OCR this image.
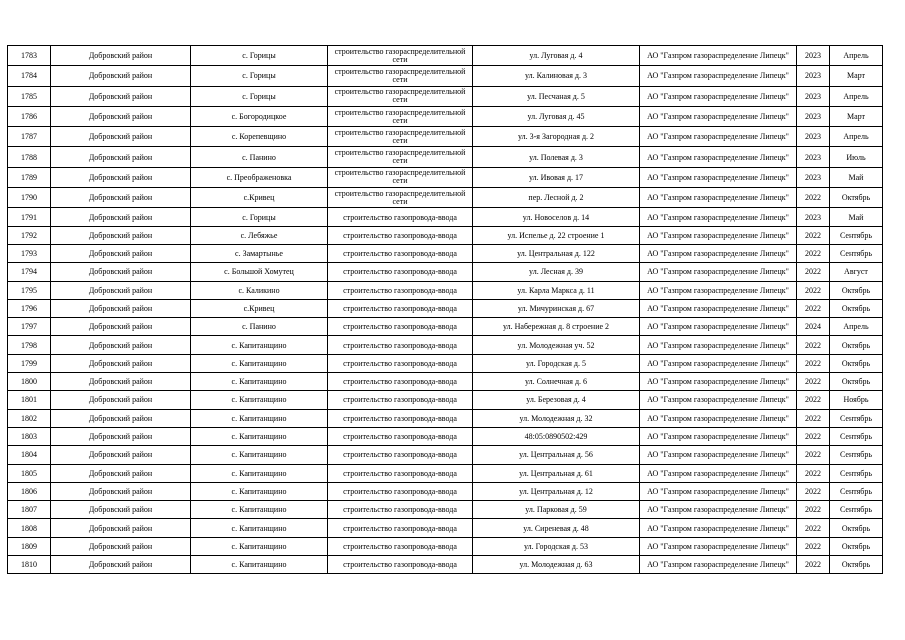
1783	Добровский район	с. Горицы	строительство газораспределительной сети	ул. Луговая д. 4	АО "Газпром газораспределение Липецк"	2023	Апрель
1784	Добровский район	с. Горицы	строительство газораспределительной сети	ул. Калиновая д. 3	АО "Газпром газораспределение Липецк"	2023	Март
1785	Добровский район	с. Горицы	строительство газораспределительной сети	ул. Песчаная д. 5	АО "Газпром газораспределение Липецк"	2023	Апрель
1786	Добровский район	с. Богородицкое	строительство газораспределительной сети	ул. Луговая д. 45	АО "Газпром газораспределение Липецк"	2023	Март
1787	Добровский район	с. Корепевщино	строительство газораспределительной сети	ул. 3-я Загородная д. 2	АО "Газпром газораспределение Липецк"	2023	Апрель
1788	Добровский район	с. Панино	строительство газораспределительной сети	ул. Полевая д. 3	АО "Газпром газораспределение Липецк"	2023	Июль
1789	Добровский район	с. Преображеновка	строительство газораспределительной сети	ул. Ивовая д. 17	АО "Газпром газораспределение Липецк"	2023	Май
1790	Добровский район	с.Кривец	строительство газораспределительной сети	пер. Лесной д. 2	АО "Газпром газораспределение Липецк"	2022	Октябрь
1791	Добровский район	с. Горицы	строительство газопровода-ввода	ул. Новоселов д. 14	АО "Газпром газораспределение Липецк"	2023	Май
1792	Добровский район	с. Лебяжье	строительство газопровода-ввода	ул. Испелье д. 22 строение 1	АО "Газпром газораспределение Липецк"	2022	Сентябрь
1793	Добровский район	с. Замартынье	строительство газопровода-ввода	ул. Центральная д. 122	АО "Газпром газораспределение Липецк"	2022	Сентябрь
1794	Добровский район	с. Большой Хомутец	строительство газопровода-ввода	ул. Лесная д. 39	АО "Газпром газораспределение Липецк"	2022	Август
1795	Добровский район	с. Каликино	строительство газопровода-ввода	ул. Карла Маркса д. 11	АО "Газпром газораспределение Липецк"	2022	Октябрь
1796	Добровский район	с.Кривец	строительство газопровода-ввода	ул. Мичуринская д. 67	АО "Газпром газораспределение Липецк"	2022	Октябрь
1797	Добровский район	с. Панино	строительство газопровода-ввода	ул. Набережная д. 8 строение 2	АО "Газпром газораспределение Липецк"	2024	Апрель
1798	Добровский район	с. Капитанщино	строительство газопровода-ввода	ул. Молодежная уч. 52	АО "Газпром газораспределение Липецк"	2022	Октябрь
1799	Добровский район	с. Капитанщино	строительство газопровода-ввода	ул. Городская д. 5	АО "Газпром газораспределение Липецк"	2022	Октябрь
1800	Добровский район	с. Капитанщино	строительство газопровода-ввода	ул. Солнечная д. 6	АО "Газпром газораспределение Липецк"	2022	Октябрь
1801	Добровский район	с. Капитанщино	строительство газопровода-ввода	ул. Березовая д. 4	АО "Газпром газораспределение Липецк"	2022	Ноябрь
1802	Добровский район	с. Капитанщино	строительство газопровода-ввода	ул. Молодежная д. 32	АО "Газпром газораспределение Липецк"	2022	Сентябрь
1803	Добровский район	с. Капитанщино	строительство газопровода-ввода	48:05:0890502:429	АО "Газпром газораспределение Липецк"	2022	Сентябрь
1804	Добровский район	с. Капитанщино	строительство газопровода-ввода	ул. Центральная д. 56	АО "Газпром газораспределение Липецк"	2022	Сентябрь
1805	Добровский район	с. Капитанщино	строительство газопровода-ввода	ул. Центральная д. 61	АО "Газпром газораспределение Липецк"	2022	Сентябрь
1806	Добровский район	с. Капитанщино	строительство газопровода-ввода	ул. Центральная д. 12	АО "Газпром газораспределение Липецк"	2022	Сентябрь
1807	Добровский район	с. Капитанщино	строительство газопровода-ввода	ул. Парковая д. 59	АО "Газпром газораспределение Липецк"	2022	Сентябрь
1808	Добровский район	с. Капитанщино	строительство газопровода-ввода	ул. Сиреневая д. 48	АО "Газпром газораспределение Липецк"	2022	Октябрь
1809	Добровский район	с. Капитанщино	строительство газопровода-ввода	ул. Городская д. 53	АО "Газпром газораспределение Липецк"	2022	Октябрь
1810	Добровский район	с. Капитанщино	строительство газопровода-ввода	ул. Молодежная д. 63	АО "Газпром газораспределение Липецк"	2022	Октябрь
